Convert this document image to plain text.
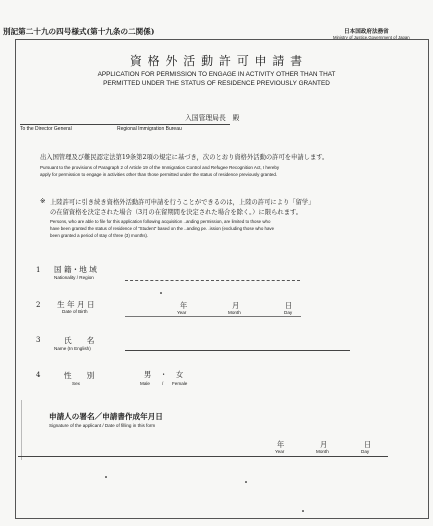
別記第二十九の四号様式(第十九条の二関係)	日本国政府法務省
Ministry of Justice,Government of Japan
資 格 外 活 動 許 可 申 請 書
APPLICATION FOR PERMISSION TO ENGAGE IN ACTIVITY OTHER THAN THAT
PERMITTED UNDER THE STATUS OF RESIDENCE PREVIOUSLY GRANTED
入国管理局長　殿
To the Director General	Regional Immigration Bureau
出入国管理及び難民認定法第19条第2項の規定に基づき，次のとおり資格外活動の許可を申請します。
Pursuant to the provisions of Paragraph 2 of Article 19 of the Immigration Control and Refugee Recognition Act, I hereby
apply for permission to engage in activities other than those permitted under the status of residence previously granted.
※ 上陸許可に引き続き資格外活動許可申請を行うことができるのは，上陸の許可により「留学」
の在留資格を決定された場合（3月の在留期間を決定された場合を除く。）に限られます。
Persons, who are able to file for this application following acquisition ..anding permission, are limited to those who
have been granted the status of residence of "Student" based on the ..anding pe. .ission (excluding those who have
been granted a period of stay of three (3) months).
1 国 籍・地 域
Nationality / Region
2 生 年 月 日
Date of Birth
年
Year
月
Month
日
Day
3	氏　　名
Name (In English)
4	性　　別
Sex
男 ・ 女
Male	/ Female
申請人の署名／申請書作成年月日
Signature of the applicant / Date of filling in this form
年
Year
月
Month
日
Day
